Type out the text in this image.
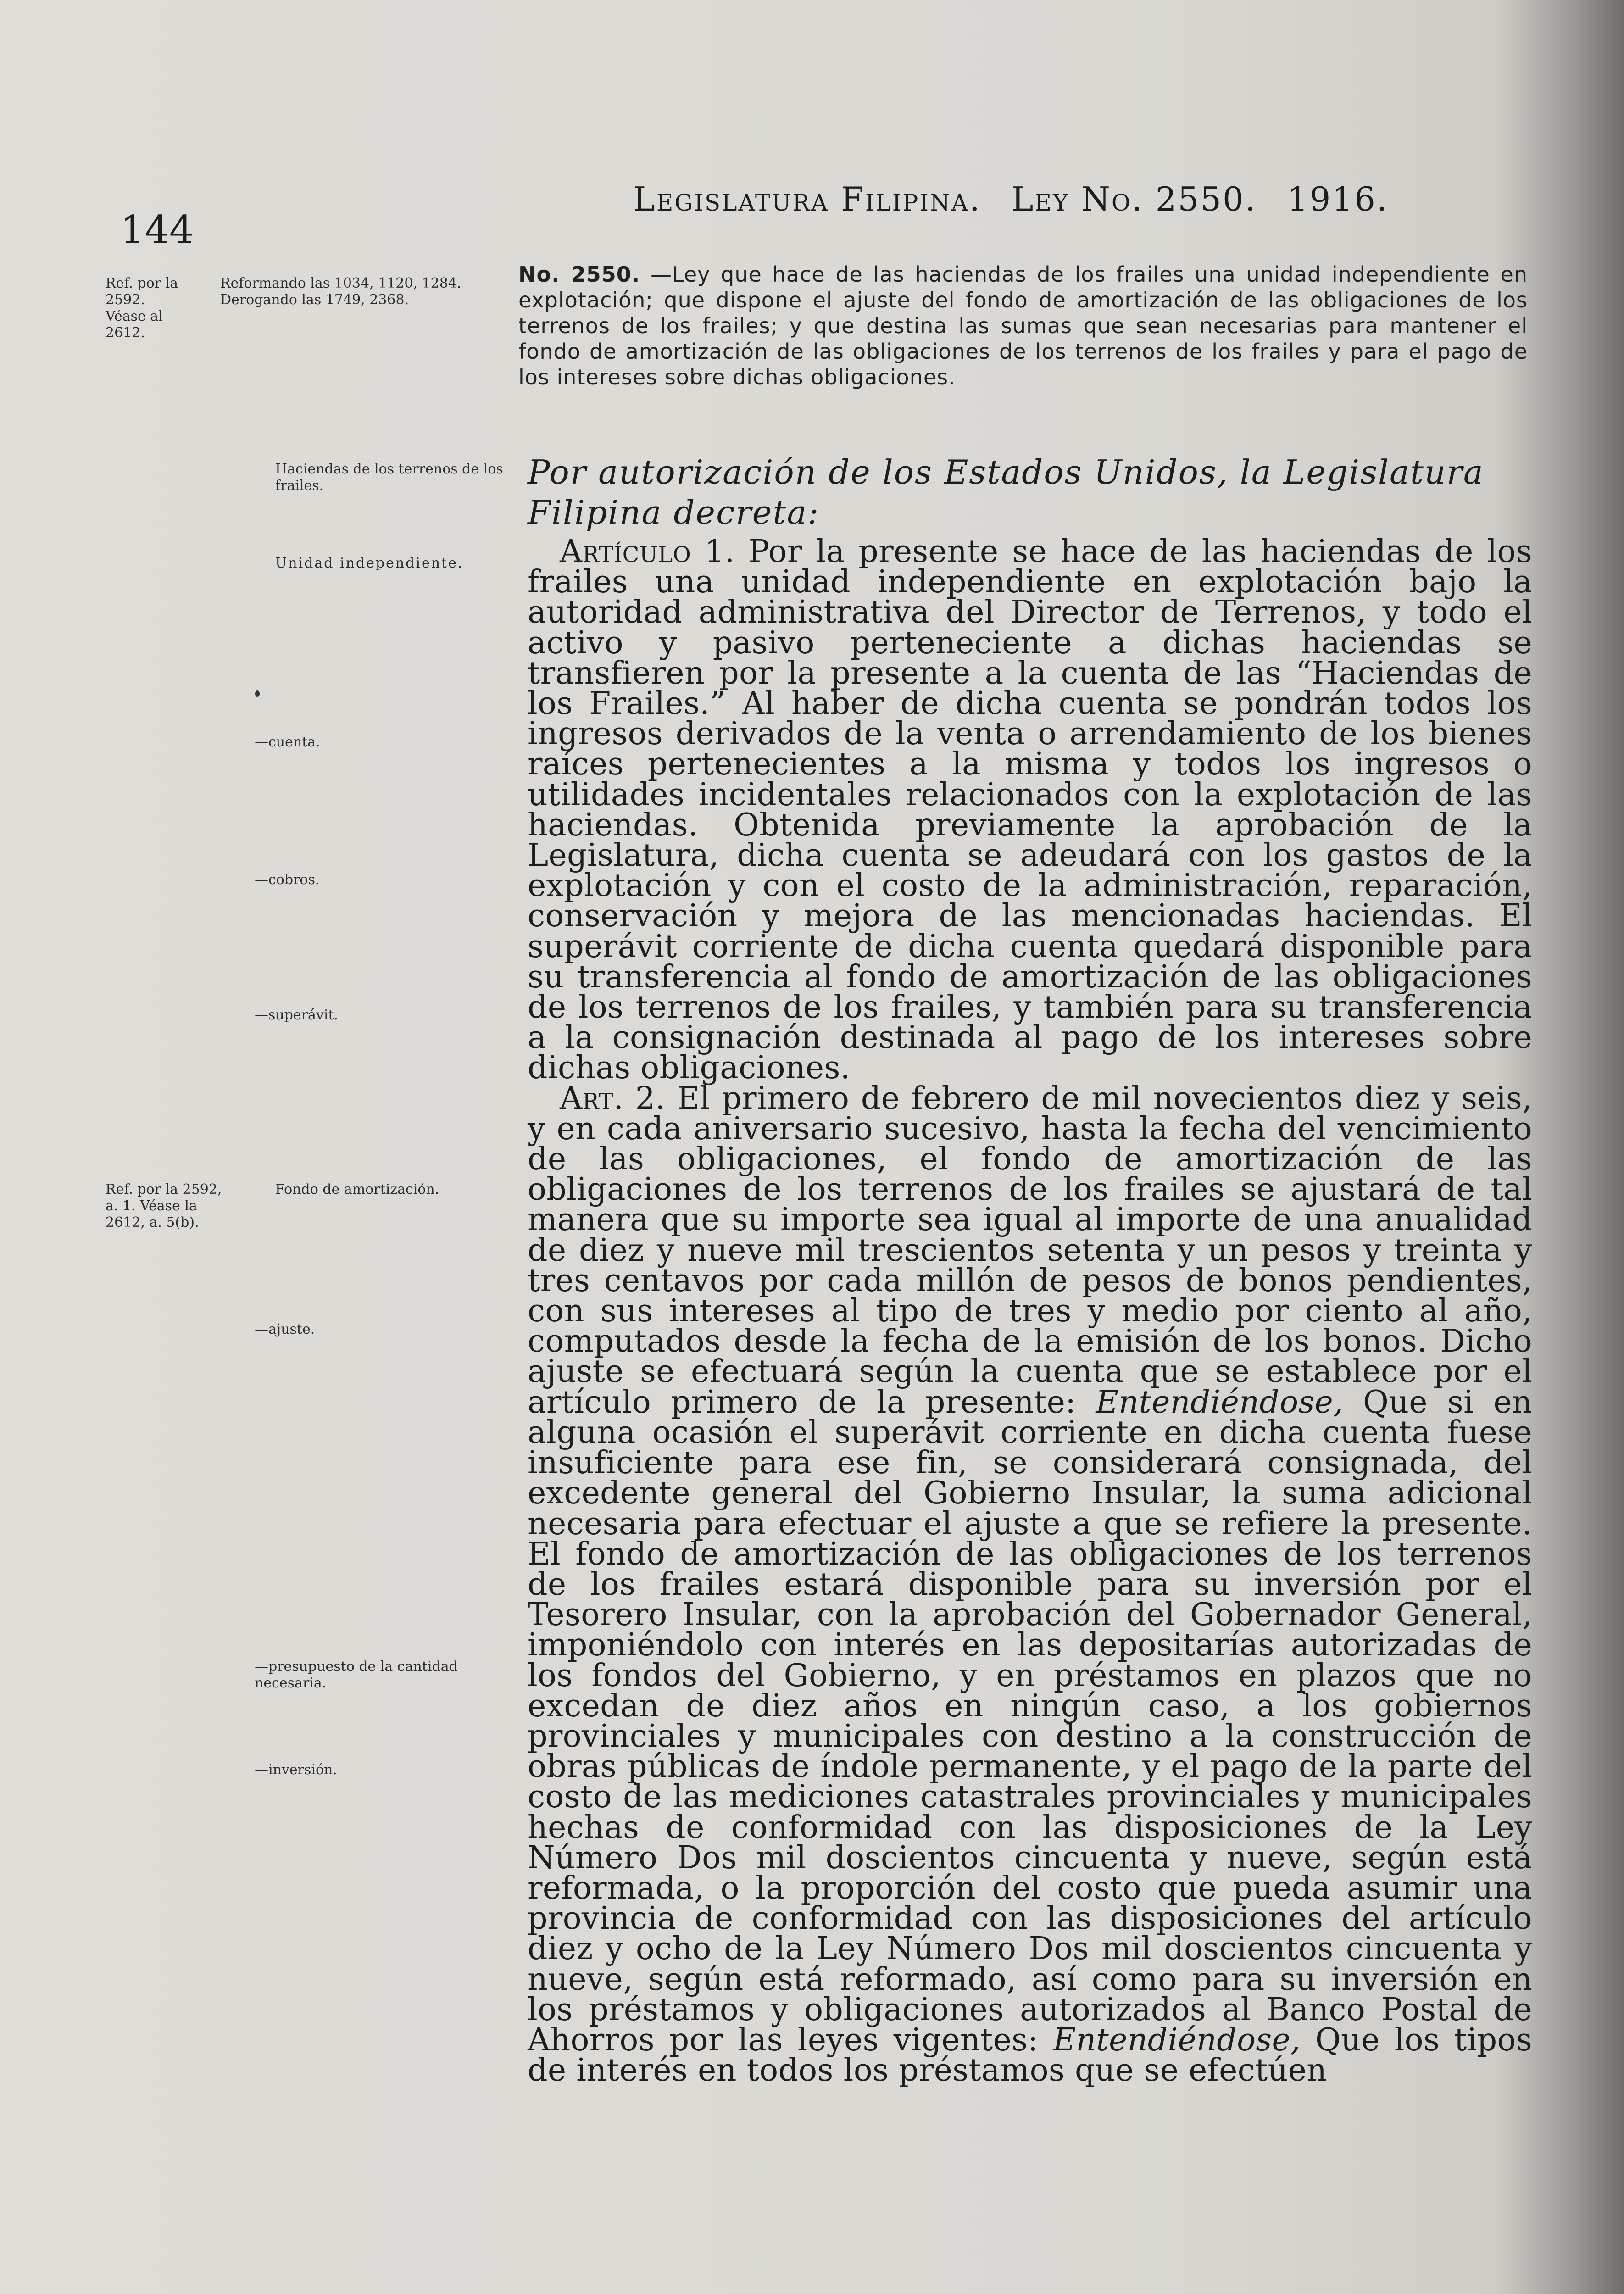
144
Legislatura Filipina. Ley No. 2550. 1916.
Ref. por la 2592. Véase al 2612.
Reformando las 1034, 1120, 1284. Derogando las 1749, 2368.
Haciendas de los terrenos de los frailes.
Unidad independiente.
—cuenta.
—cobros.
—superávit.
Ref. por la 2592, a. 1. Véase la 2612, a. 5(b).
Fondo de amortización.
—ajuste.
—presupuesto de la cantidad necesaria.
—inversión.
No. 2550. —Ley que hace de las haciendas de los frailes una unidad independiente en explotación; que dispone el ajuste del fondo de amortización de las obligaciones de los terrenos de los frailes; y que destina las sumas que sean necesarias para mantener el fondo de amortización de las obligaciones de los terrenos de los frailes y para el pago de los intereses sobre dichas obligaciones.
Por autorización de los Estados Unidos, la Legislatura Filipina decreta:

Artículo 1. Por la presente se hace de las haciendas de los frailes una unidad independiente en explotación bajo la autoridad administrativa del Director de Terrenos, y todo el activo y pasivo perteneciente a dichas haciendas se transfieren por la presente a la cuenta de las “Haciendas de los Frailes.” Al haber de dicha cuenta se pondrán todos los ingresos derivados de la venta o arrendamiento de los bienes raíces pertenecientes a la misma y todos los ingresos o utilidades incidentales relacionados con la explotación de las haciendas. Obtenida previamente la aprobación de la Legislatura, dicha cuenta se adeudará con los gastos de la explotación y con el costo de la administración, reparación, conservación y mejora de las mencionadas haciendas. El superávit corriente de dicha cuenta quedará disponible para su transferencia al fondo de amortización de las obligaciones de los terrenos de los frailes, y también para su transferencia a la consignación destinada al pago de los intereses sobre dichas obligaciones.

Art. 2. El primero de febrero de mil novecientos diez y seis, y en cada aniversario sucesivo, hasta la fecha del vencimiento de las obligaciones, el fondo de amortización de las obligaciones de los terrenos de los frailes se ajustará de tal manera que su importe sea igual al importe de una anualidad de diez y nueve mil trescientos setenta y un pesos y treinta y tres centavos por cada millón de pesos de bonos pendientes, con sus intereses al tipo de tres y medio por ciento al año, computados desde la fecha de la emisión de los bonos. Dicho ajuste se efectuará según la cuenta que se establece por el artículo primero de la presente: Entendiéndose, Que si en alguna ocasión el superávit corriente en dicha cuenta fuese insuficiente para ese fin, se considerará consignada, del excedente general del Gobierno Insular, la suma adicional necesaria para efectuar el ajuste a que se refiere la presente. El fondo de amortización de las obligaciones de los terrenos de los frailes estará disponible para su inversión por el Tesorero Insular, con la aprobación del Gobernador General, imponiéndolo con interés en las depositarías autorizadas de los fondos del Gobierno, y en préstamos en plazos que no excedan de diez años en ningún caso, a los gobiernos provinciales y municipales con destino a la construcción de obras públicas de índole permanente, y el pago de la parte del costo de las mediciones catastrales provinciales y municipales hechas de conformidad con las disposiciones de la Ley Número Dos mil doscientos cincuenta y nueve, según está reformada, o la proporción del costo que pueda asumir una provincia de conformidad con las disposiciones del artículo diez y ocho de la Ley Número Dos mil doscientos cincuenta y nueve, según está reformado, así como para su inversión en los préstamos y obligaciones autorizados al Banco Postal de Ahorros por las leyes vigentes: Entendiéndose, Que los tipos de interés en todos los préstamos que se efectúen
